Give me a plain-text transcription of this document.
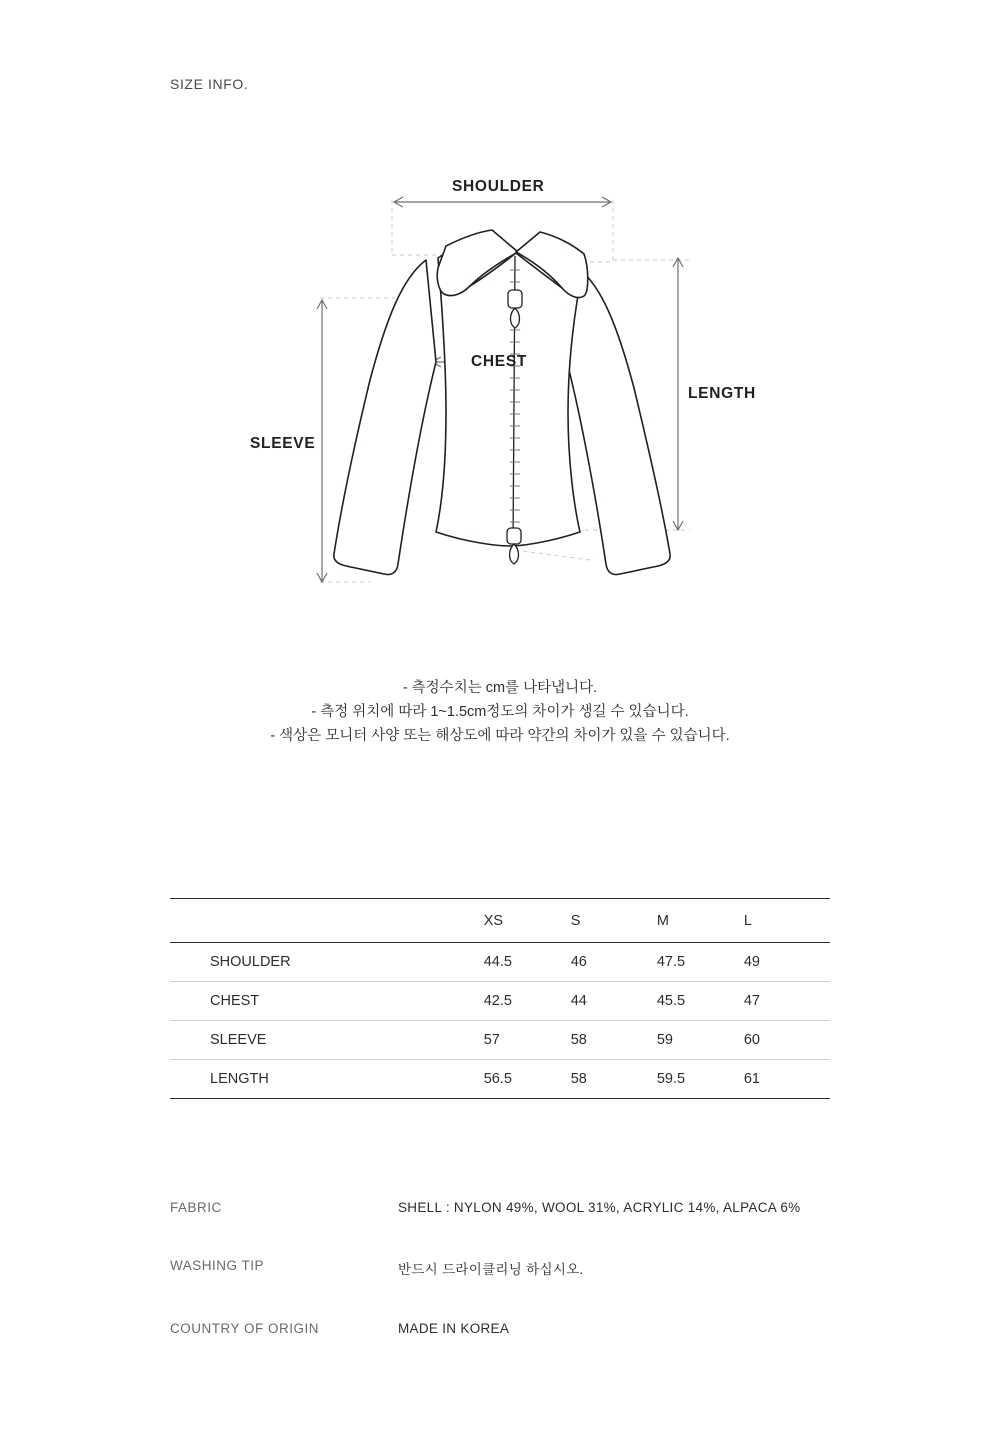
SIZE INFO.
SHOULDER
CHEST
LENGTH
SLEEVE
- 측정수치는 cm를 나타냅니다.
- 측정 위치에 따라 1~1.5cm정도의 차이가 생길 수 있습니다.
- 색상은 모니터 사양 또는 해상도에 따라 약간의 차이가 있을 수 있습니다.
	XS	S	M	L
SHOULDER	44.5	46	47.5	49
CHEST	42.5	44	45.5	47
SLEEVE	57	58	59	60
LENGTH	56.5	58	59.5	61
FABRIC	SHELL : NYLON 49%, WOOL 31%, ACRYLIC 14%, ALPACA 6%
WASHING TIP	반드시 드라이클리닝 하십시오.
COUNTRY OF ORIGIN	MADE IN KOREA
